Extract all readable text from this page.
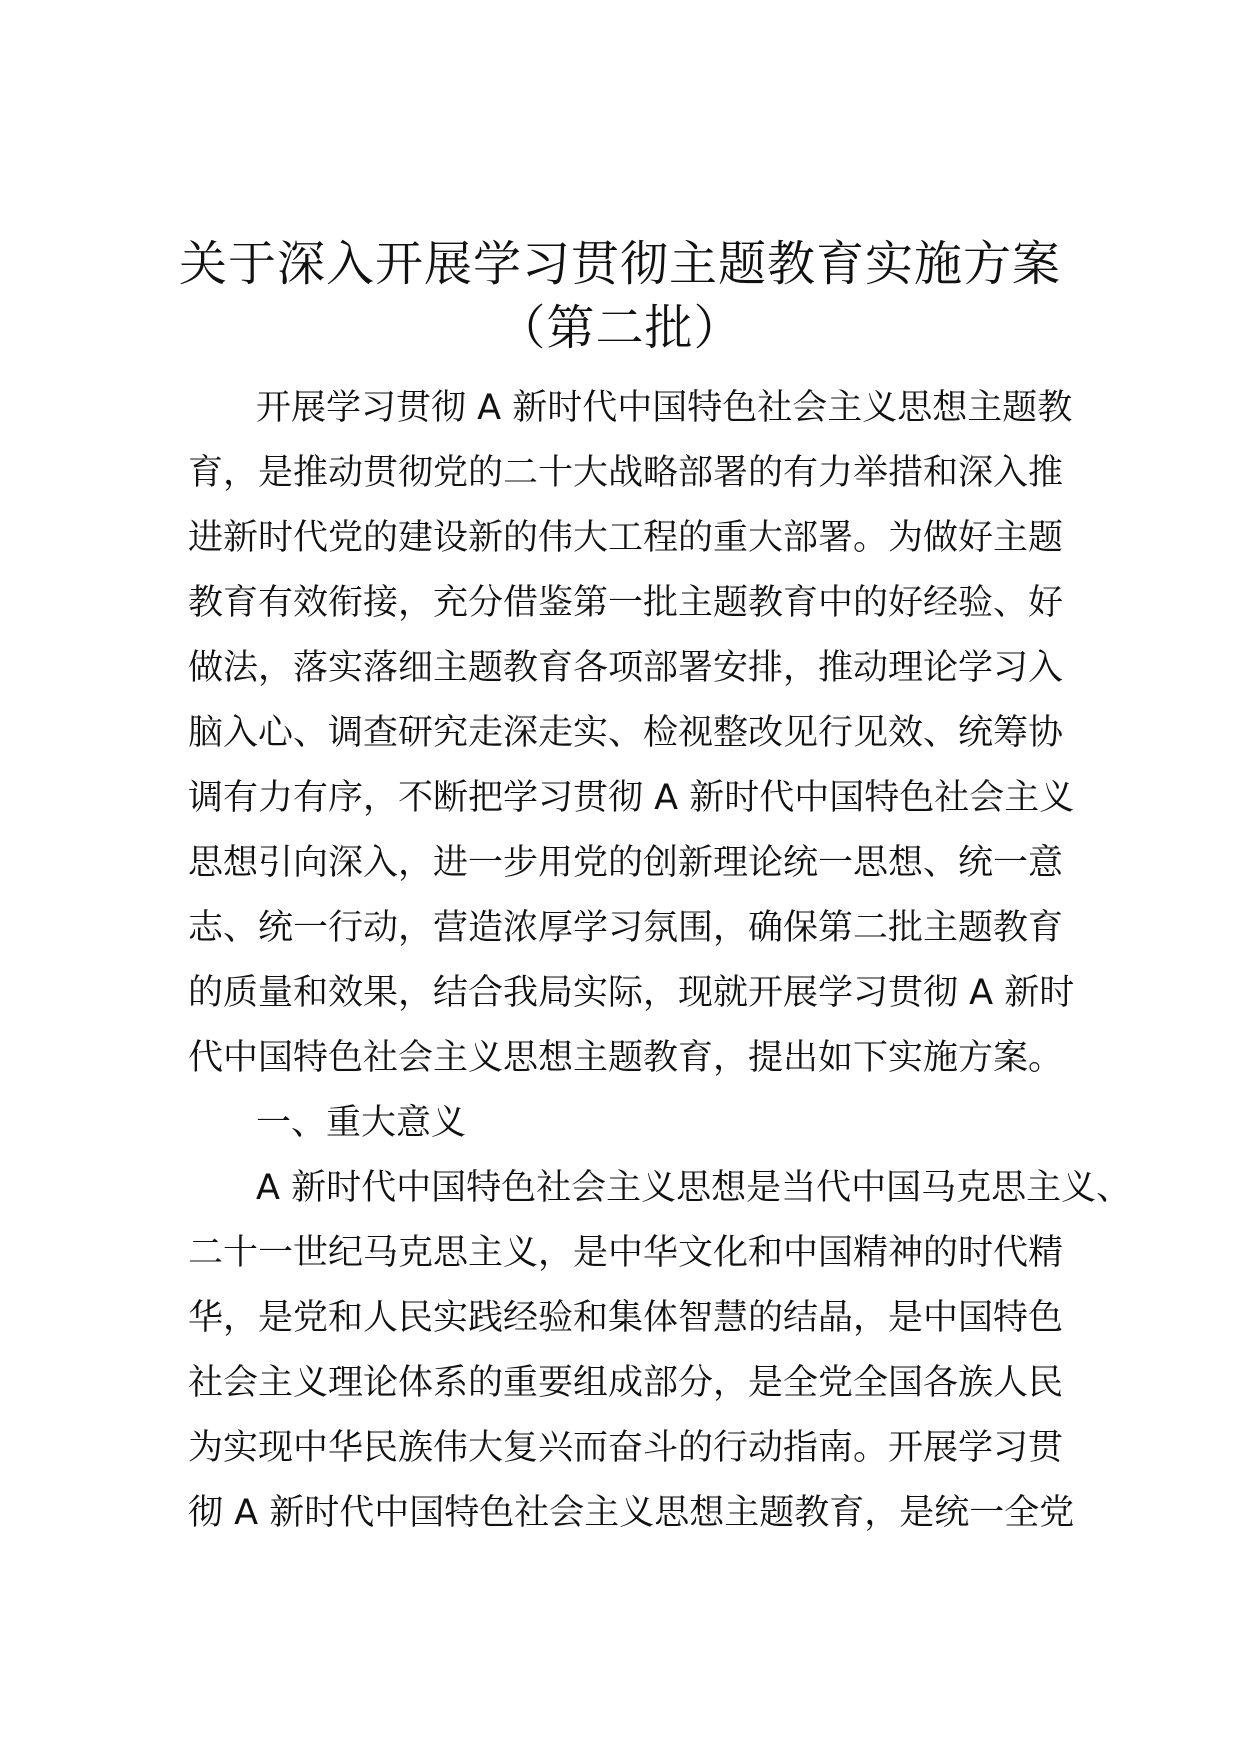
关于深入开展学习贯彻主题教育实施方案
（第二批）
开展学习贯彻 A 新时代中国特色社会主义思想主题教
育，是推动贯彻党的二十大战略部署的有力举措和深入推
进新时代党的建设新的伟大工程的重大部署。为做好主题
教育有效衔接，充分借鉴第一批主题教育中的好经验、好
做法，落实落细主题教育各项部署安排，推动理论学习入
脑入心、调查研究走深走实、检视整改见行见效、统筹协
调有力有序，不断把学习贯彻 A 新时代中国特色社会主义
思想引向深入，进一步用党的创新理论统一思想、统一意
志、统一行动，营造浓厚学习氛围，确保第二批主题教育
的质量和效果，结合我局实际，现就开展学习贯彻 A 新时
代中国特色社会主义思想主题教育，提出如下实施方案。
一、重大意义
A 新时代中国特色社会主义思想是当代中国马克思主义、
二十一世纪马克思主义，是中华文化和中国精神的时代精
华，是党和人民实践经验和集体智慧的结晶，是中国特色
社会主义理论体系的重要组成部分，是全党全国各族人民
为实现中华民族伟大复兴而奋斗的行动指南。开展学习贯
彻 A 新时代中国特色社会主义思想主题教育，是统一全党
